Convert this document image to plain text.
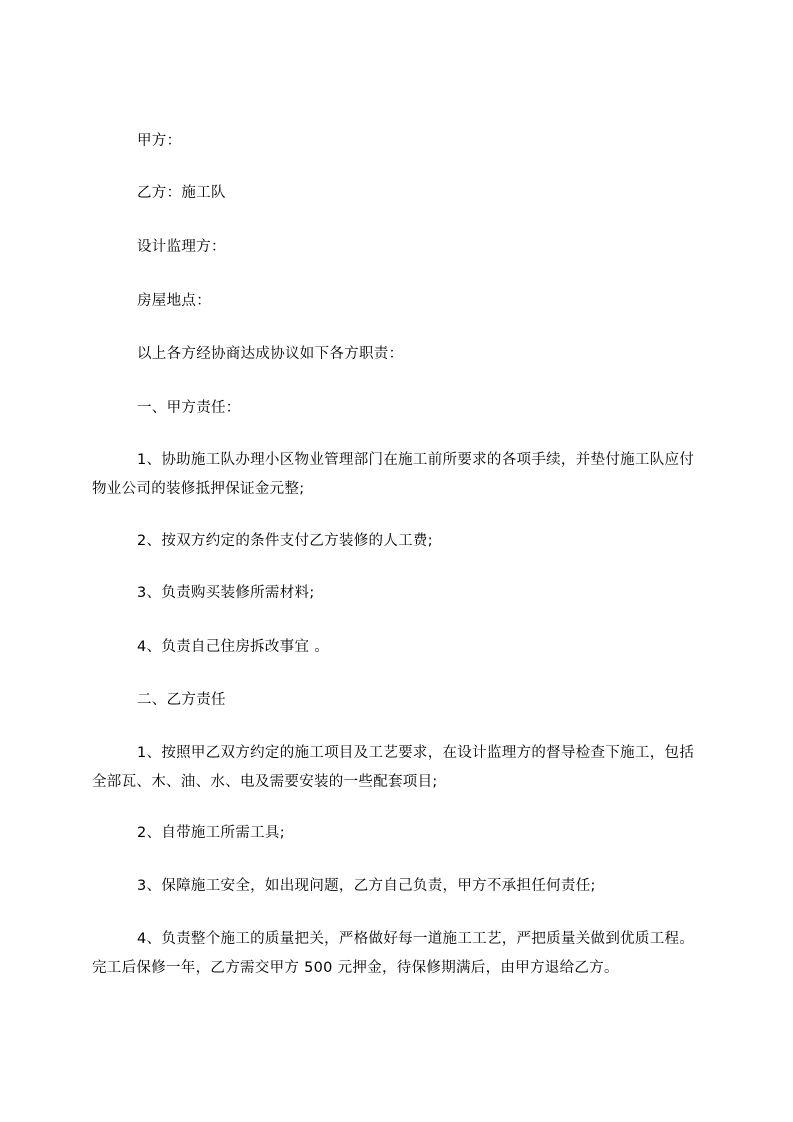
甲方：

乙方：施工队

设计监理方：

房屋地点：

以上各方经协商达成协议如下各方职责：

一、甲方责任：

1、协助施工队办理小区物业管理部门在施工前所要求的各项手续，并垫付施工队应付物业公司的装修抵押保证金元整;

2、按双方约定的条件支付乙方装修的人工费;

3、负责购买装修所需材料;

4、负责自己住房拆改事宜 。

二、乙方责任

1、按照甲乙双方约定的施工项目及工艺要求，在设计监理方的督导检查下施工，包括全部瓦、木、油、水、电及需要安装的一些配套项目;

2、自带施工所需工具;

3、保障施工安全，如出现问题，乙方自己负责，甲方不承担任何责任;

4、负责整个施工的质量把关，严格做好每一道施工工艺，严把质量关做到优质工程。完工后保修一年，乙方需交甲方 500 元押金，待保修期满后，由甲方退给乙方。
